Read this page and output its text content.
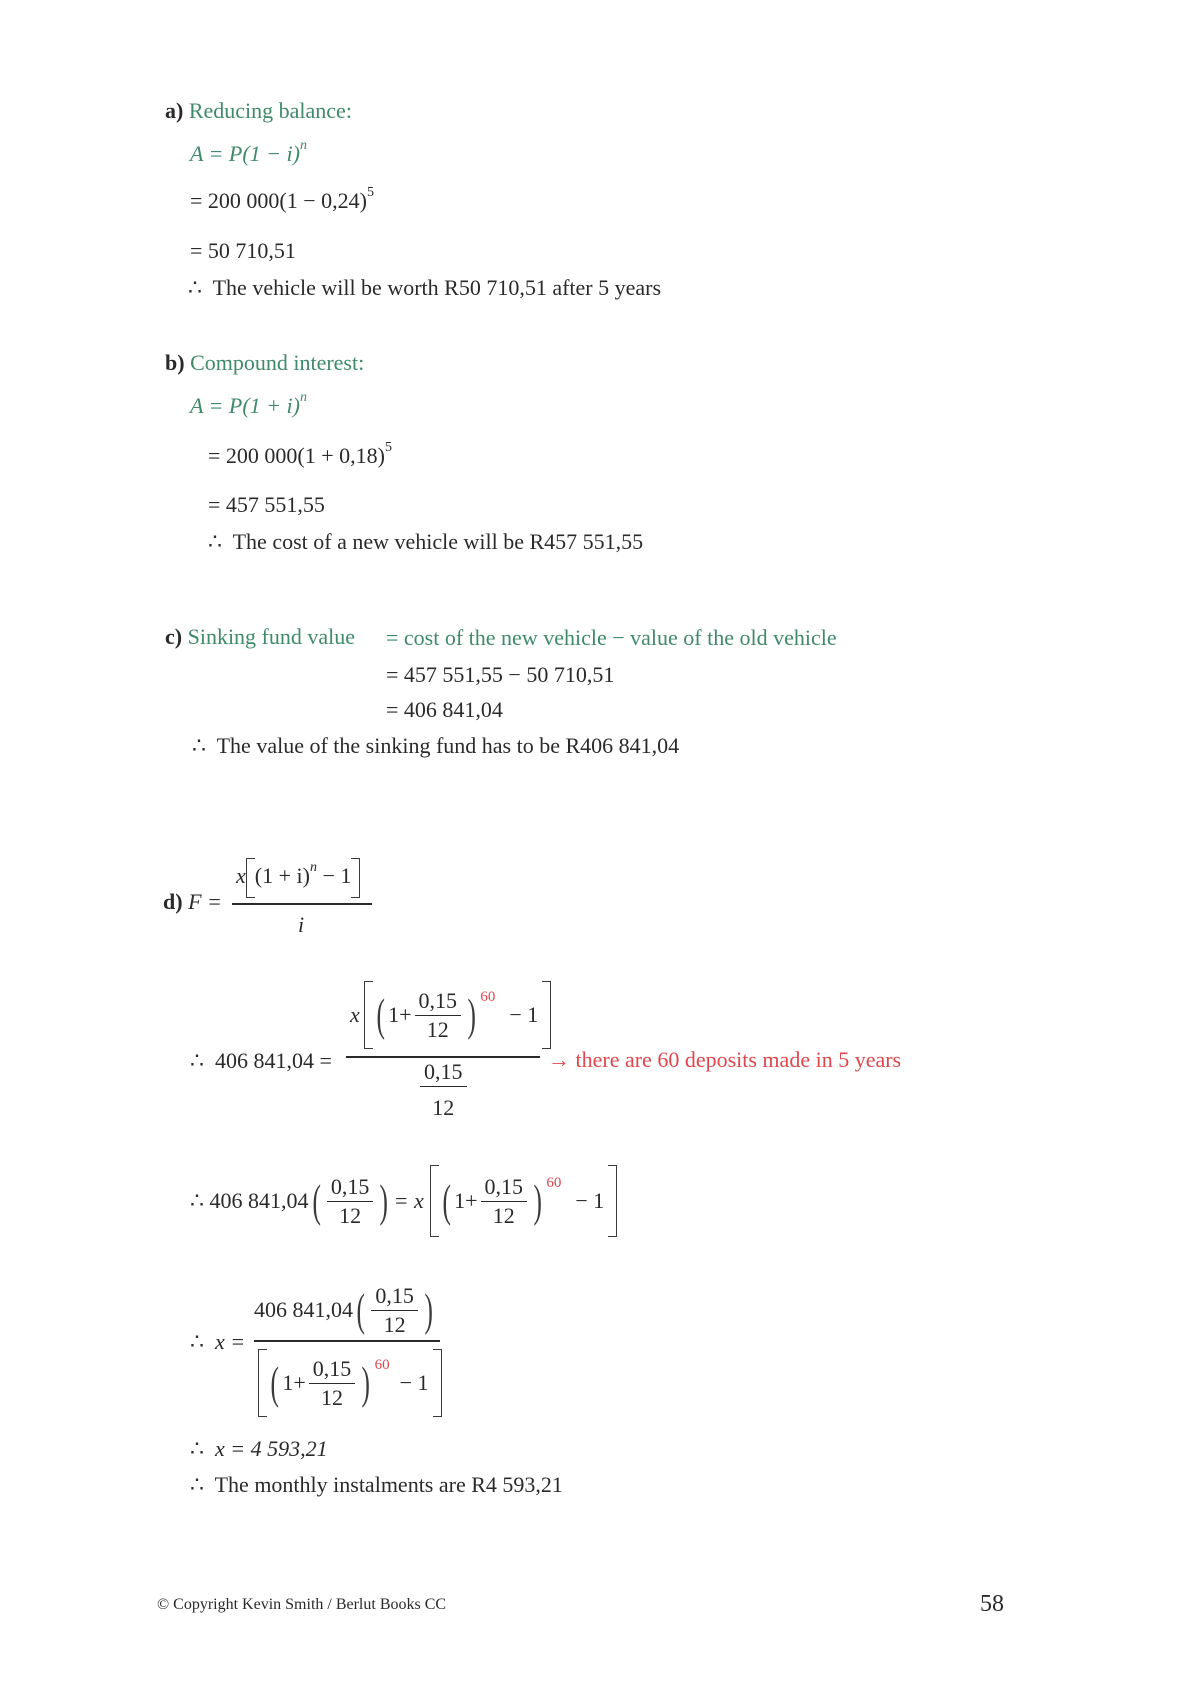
a) Reducing balance:
$A = P(1 - i)^n$
= 200 $000(1 - 0,24)^5$
= 50 710,51
∴ The vehicle will be worth R50 710,51 after 5 years
b) Compound interest:
$A = P(1 + i)^n$
= 200 $000(1 + 0,18)^5$
= 457 551,55
∴ The cost of a new vehicle will be R457 551,55
c) Sinking fund value = cost of the new vehicle − value of the old vehicle
= 457 551,55 − 50 710,51
= 406 841,04
∴ The value of the sinking fund has to be R406 841,04
d) F =
x $(1 + i)^n - 1$
i
∴ 406 841,04 =
x ( $1+ \frac{0,15}{12}$ ) 60
− 1
$\frac{0,15}{12}$
→ there are 60 deposits made in 5 years
∴
406 841,04 ( $\frac{0,15}{12}$ ) = x ( $1+ \frac{0,15}{12}$ ) 60
− 1
∴ x =
406 841,04 ( $\frac{0,15}{12}$ )
( $1+ \frac{0,15}{12}$ ) 60
− 1
∴ x = 4 593,21
∴ The monthly instalments are R4 593,21
© Copyright Kevin Smith / Berlut Books CC	58
